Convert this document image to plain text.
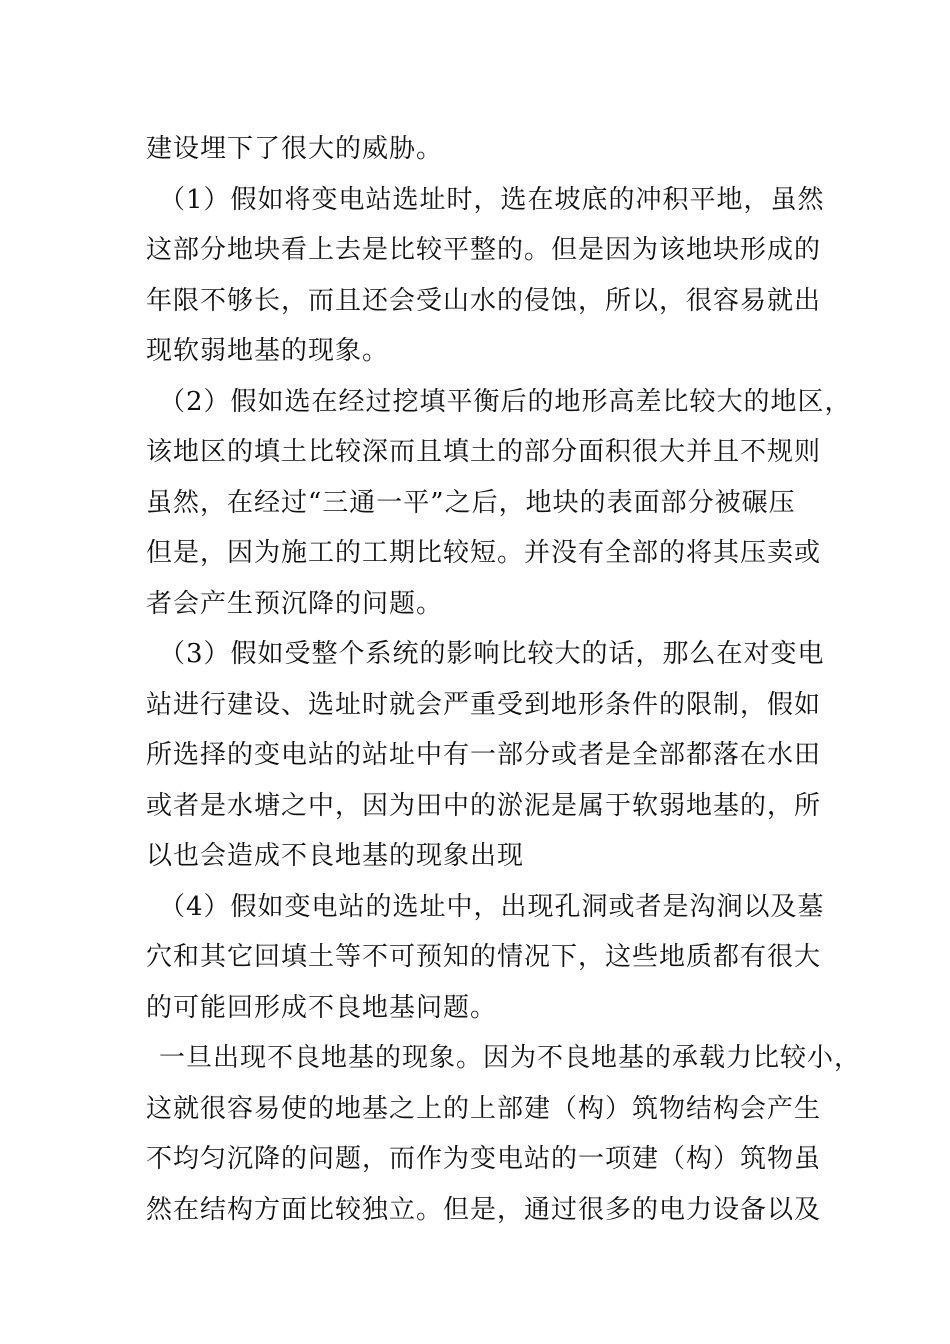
建设埋下了很大的威胁。
（1）假如将变电站选址时，选在坡底的冲积平地，虽然
这部分地块看上去是比较平整的。但是因为该地块形成的
年限不够长，而且还会受山水的侵蚀，所以，很容易就出
现软弱地基的现象。
（2）假如选在经过挖填平衡后的地形高差比较大的地区，
该地区的填土比较深而且填土的部分面积很大并且不规则
虽然，在经过“三通一平”之后，地块的表面部分被碾压
但是，因为施工的工期比较短。并没有全部的将其压卖或
者会产生预沉降的问题。
（3）假如受整个系统的影响比较大的话，那么在对变电
站进行建设、选址时就会严重受到地形条件的限制，假如
所选择的变电站的站址中有一部分或者是全部都落在水田
或者是水塘之中，因为田中的淤泥是属于软弱地基的，所
以也会造成不良地基的现象出现
（4）假如变电站的选址中，出现孔洞或者是沟涧以及墓
穴和其它回填土等不可预知的情况下，这些地质都有很大
的可能回形成不良地基问题。
一旦出现不良地基的现象。因为不良地基的承载力比较小，
这就很容易使的地基之上的上部建（构）筑物结构会产生
不均匀沉降的问题，而作为变电站的一项建（构）筑物虽
然在结构方面比较独立。但是，通过很多的电力设备以及
